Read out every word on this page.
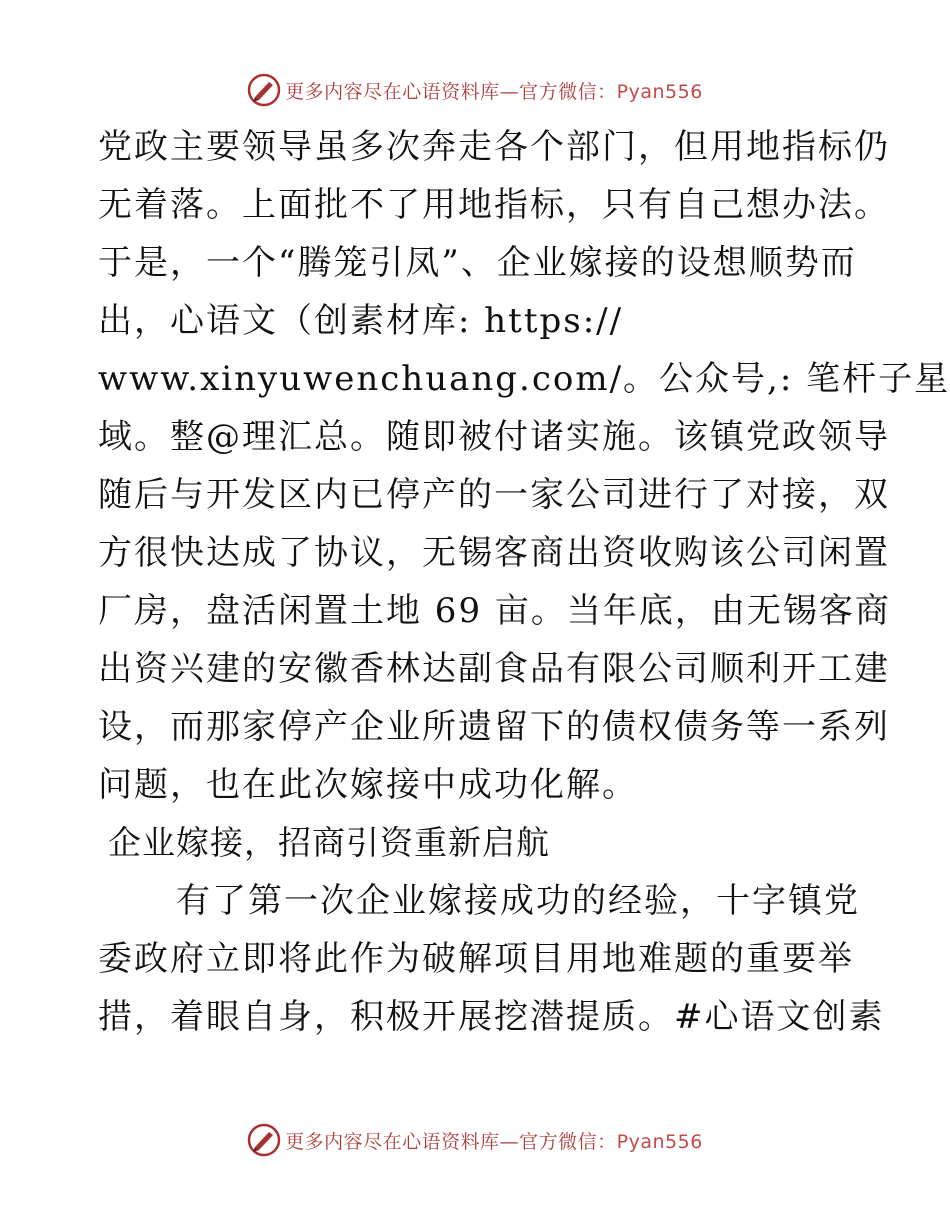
更多内容尽在心语资料库—官方微信：Pyan556
党政主要领导虽多次奔走各个部门，但用地指标仍
无着落。上面批不了用地指标，只有自己想办法。
于是，一个“腾笼引凤”、企业嫁接的设想顺势而
出，心语文（创素材库: https://
www.xinyuwenchuang.com/。公众号,: 笔杆子星
域。整@理汇总。随即被付诸实施。该镇党政领导
随后与开发区内已停产的一家公司进行了对接，双
方很快达成了协议，无锡客商出资收购该公司闲置
厂房，盘活闲置土地 69 亩。当年底，由无锡客商
出资兴建的安徽香林达副食品有限公司顺利开工建
设，而那家停产企业所遗留下的债权债务等一系列
问题，也在此次嫁接中成功化解。
企业嫁接，招商引资重新启航
有了第一次企业嫁接成功的经验，十字镇党
委政府立即将此作为破解项目用地难题的重要举
措，着眼自身，积极开展挖潜提质。#心语文创素
更多内容尽在心语资料库—官方微信：Pyan556
